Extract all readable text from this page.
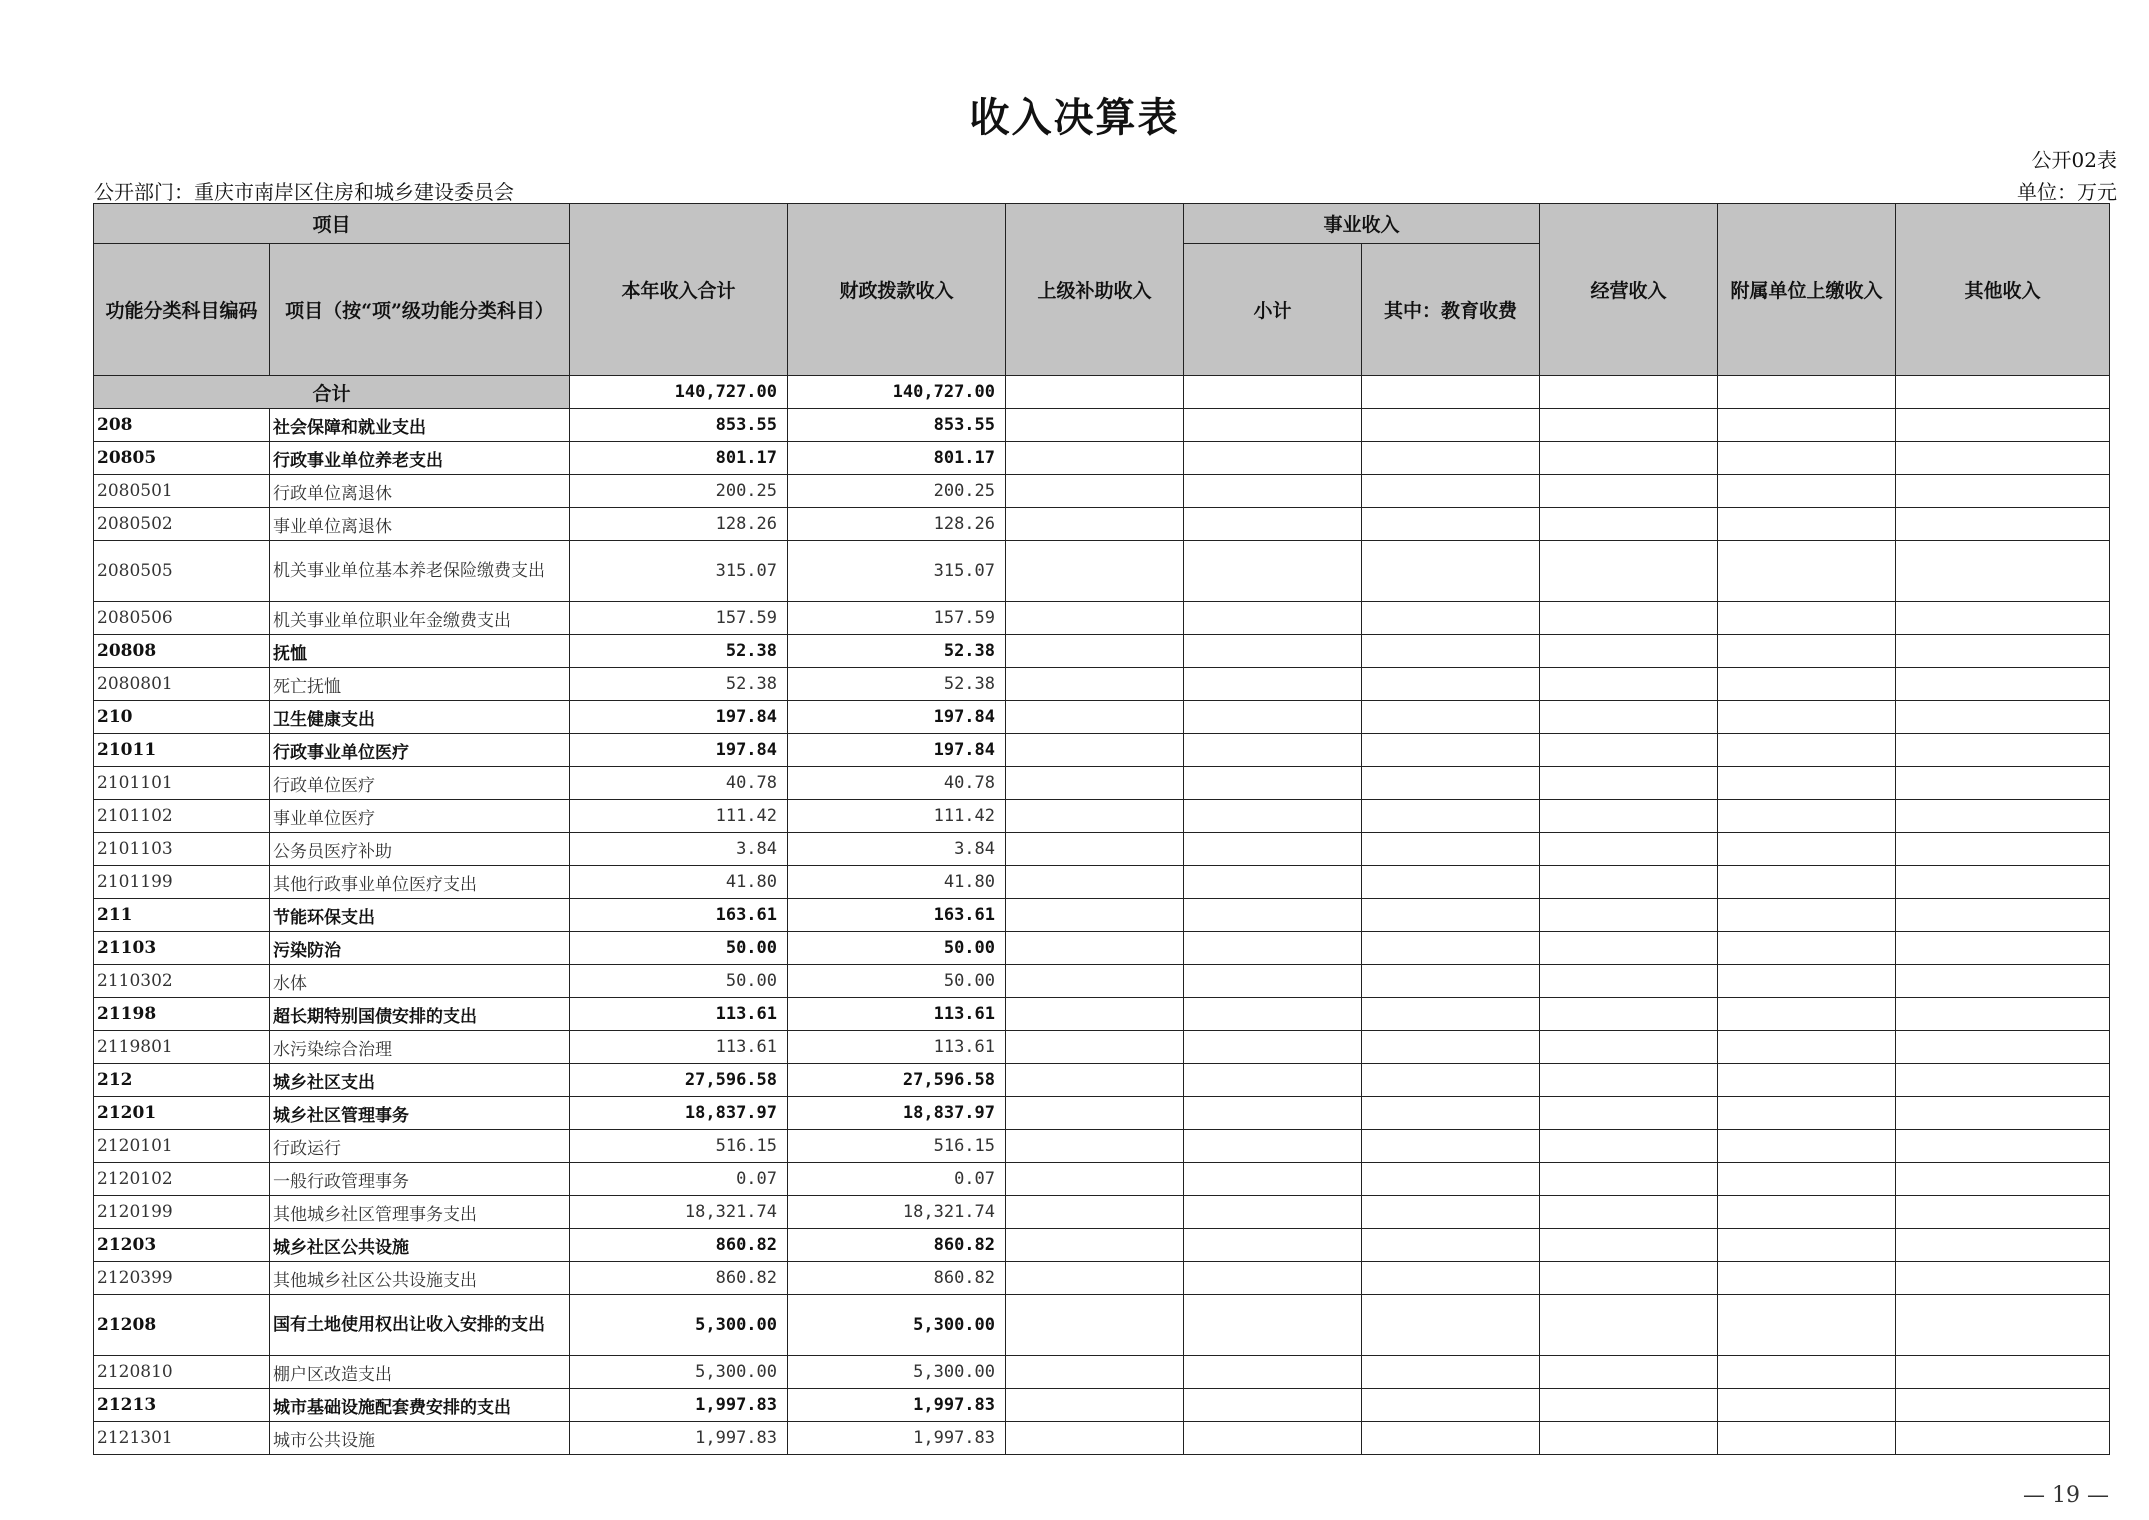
收入决算表
公开02表
公开部门：重庆市南岸区住房和城乡建设委员会	单位：万元
项目		本年收入合计	财政拨款收入	上级补助收入	事业收入		经营收入	附属单位上缴收入	其他收入
功能分类科目编码	项目（按“项”级功能分类科目）				小计	其中：教育收费			
合计		140,727.00	140,727.00						
208	社会保障和就业支出	853.55	853.55						
20805	行政事业单位养老支出	801.17	801.17						
2080501	行政单位离退休	200.25	200.25						
2080502	事业单位离退休	128.26	128.26						
2080505	机关事业单位基本养老保险缴费支出	315.07	315.07						
2080506	机关事业单位职业年金缴费支出	157.59	157.59						
20808	抚恤	52.38	52.38						
2080801	死亡抚恤	52.38	52.38						
210	卫生健康支出	197.84	197.84						
21011	行政事业单位医疗	197.84	197.84						
2101101	行政单位医疗	40.78	40.78						
2101102	事业单位医疗	111.42	111.42						
2101103	公务员医疗补助	3.84	3.84						
2101199	其他行政事业单位医疗支出	41.80	41.80						
211	节能环保支出	163.61	163.61						
21103	污染防治	50.00	50.00						
2110302	水体	50.00	50.00						
21198	超长期特别国债安排的支出	113.61	113.61						
2119801	水污染综合治理	113.61	113.61						
212	城乡社区支出	27,596.58	27,596.58						
21201	城乡社区管理事务	18,837.97	18,837.97						
2120101	行政运行	516.15	516.15						
2120102	一般行政管理事务	0.07	0.07						
2120199	其他城乡社区管理事务支出	18,321.74	18,321.74						
21203	城乡社区公共设施	860.82	860.82						
2120399	其他城乡社区公共设施支出	860.82	860.82						
21208	国有土地使用权出让收入安排的支出	5,300.00	5,300.00						
2120810	棚户区改造支出	5,300.00	5,300.00						
21213	城市基础设施配套费安排的支出	1,997.83	1,997.83						
2121301	城市公共设施	1,997.83	1,997.83						
— 19 —
